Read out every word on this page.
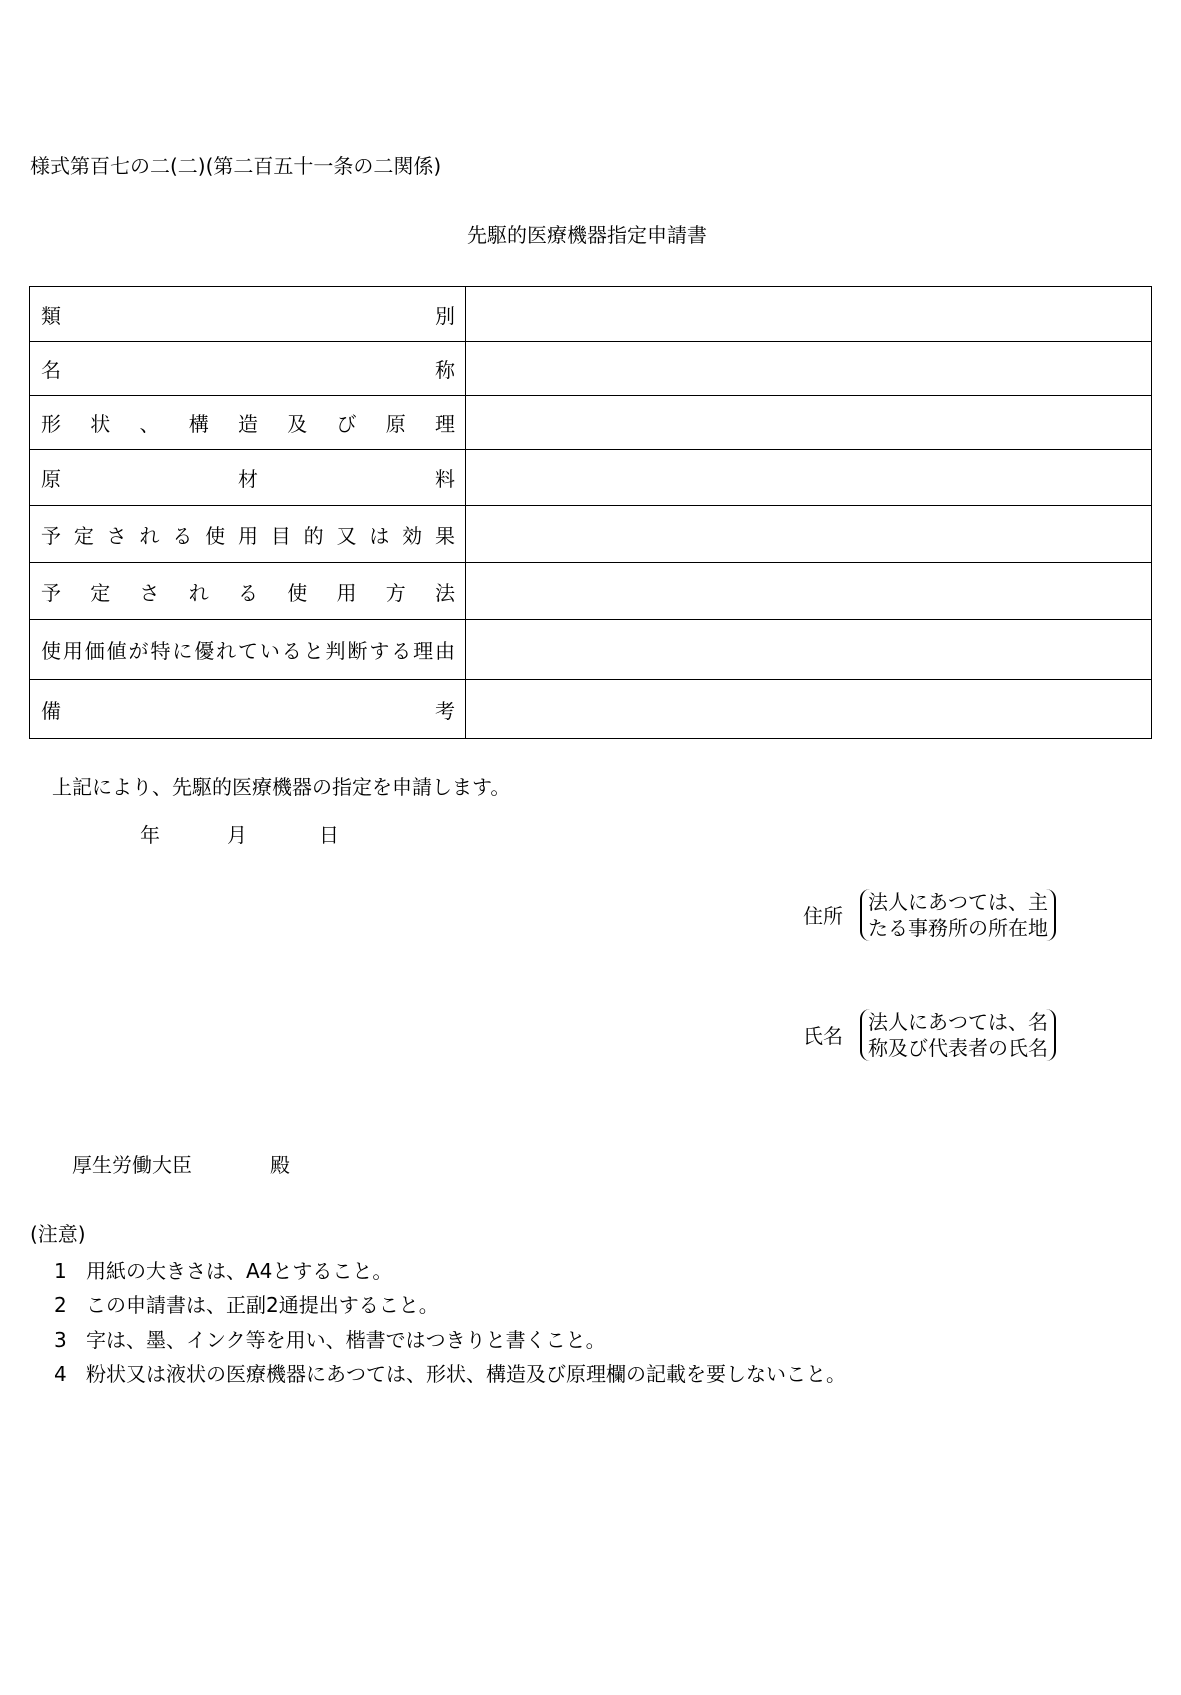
様式第百七の二(二)(第二百五十一条の二関係)
先駆的医療機器指定申請書
類別	
名称	
形状、構造及び原理	
原材料	
予定される使用目的又は効果	
予定される使用方法	
使用価値が特に優れていると判断する理由	
備考	
上記により、先駆的医療機器の指定を申請します。
年	月	日
住所
法人にあつては、主
たる事務所の所在地
氏名
法人にあつては、名
称及び代表者の氏名
厚生労働大臣	殿
(注意)
1 用紙の大きさは、A4とすること。
2 この申請書は、正副2通提出すること。
3 字は、墨、インク等を用い、楷書ではつきりと書くこと。
4 粉状又は液状の医療機器にあつては、形状、構造及び原理欄の記載を要しないこと。
